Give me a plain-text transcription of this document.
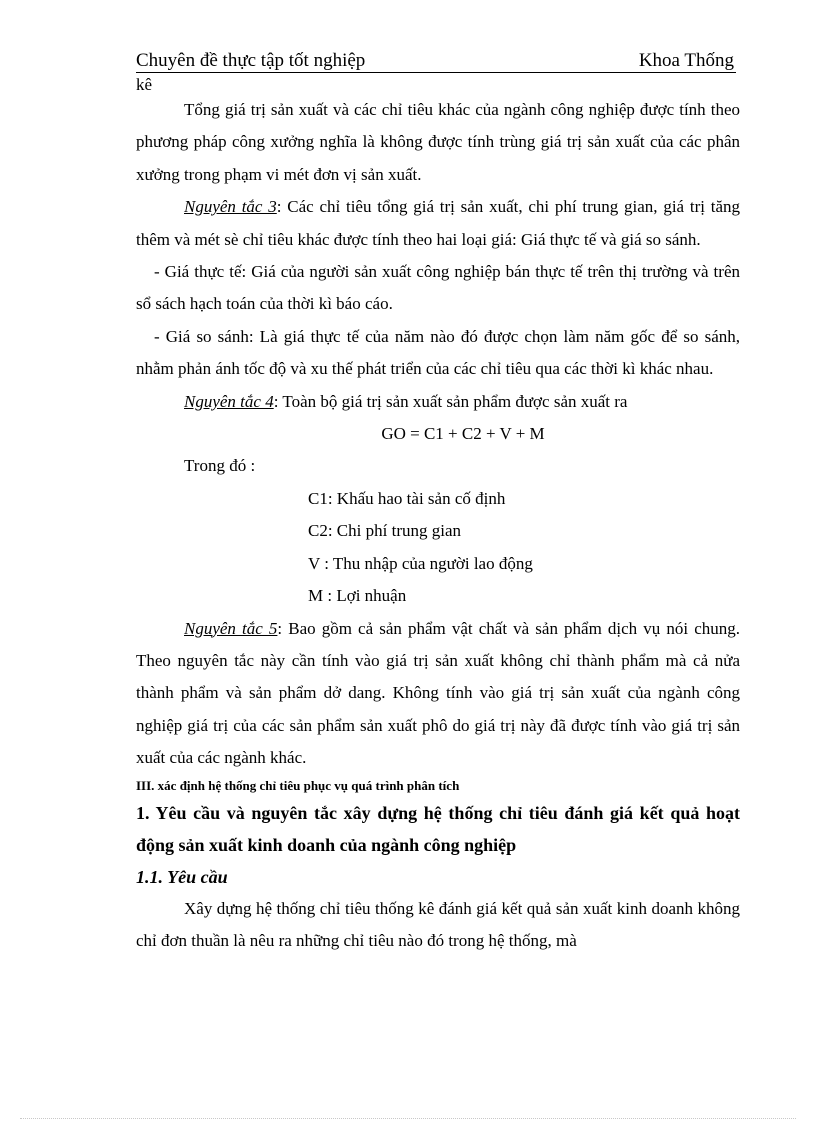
Chuyên đề thực tập tốt nghiệp	Khoa Thống
kê

Tổng giá trị sản xuất và các chỉ tiêu khác của ngành công nghiệp được tính theo phương pháp công xưởng nghĩa là không được tính trùng giá trị sản xuất của các phân xưởng trong phạm vi mét đơn vị sản xuất.

Nguyên tắc 3: Các chỉ tiêu tổng giá trị sản xuất, chi phí trung gian, giá trị tăng thêm và mét sè chỉ tiêu khác được tính theo hai loại giá: Giá thực tế và giá so sánh.

- Giá thực tế: Giá của người sản xuất công nghiệp bán thực tế trên thị trường và trên sổ sách hạch toán của thời kì báo cáo.

- Giá so sánh: Là giá thực tế của năm nào đó được chọn làm năm gốc để so sánh, nhằm phản ánh tốc độ và xu thế phát triển của các chỉ tiêu qua các thời kì khác nhau.

Nguyên tắc 4: Toàn bộ giá trị sản xuất sản phẩm được sản xuất ra

GO = C1 + C2 + V + M

Trong đó :

C1: Khấu hao tài sản cố định

C2: Chi phí trung gian

V : Thu nhập của người lao động

M : Lợi nhuận

Nguyên tắc 5: Bao gồm cả sản phẩm vật chất và sản phẩm dịch vụ nói chung. Theo nguyên tắc này cần tính vào giá trị sản xuất không chỉ thành phẩm mà cả nửa thành phẩm và sản phẩm dở dang. Không tính vào giá trị sản xuất của ngành công nghiệp giá trị của các sản phẩm sản xuất phô do giá trị này đã được tính vào giá trị sản xuất của các ngành khác.

III. xác định hệ thống chỉ tiêu phục vụ quá trình phân tích

1. Yêu cầu và nguyên tắc xây dựng hệ thống chỉ tiêu đánh giá kết quả hoạt động sản xuất kinh doanh của ngành công nghiệp

1.1. Yêu cầu

Xây dựng hệ thống chỉ tiêu thống kê đánh giá kết quả sản xuất kinh doanh không chỉ đơn thuần là nêu ra những chỉ tiêu nào đó trong hệ thống, mà
